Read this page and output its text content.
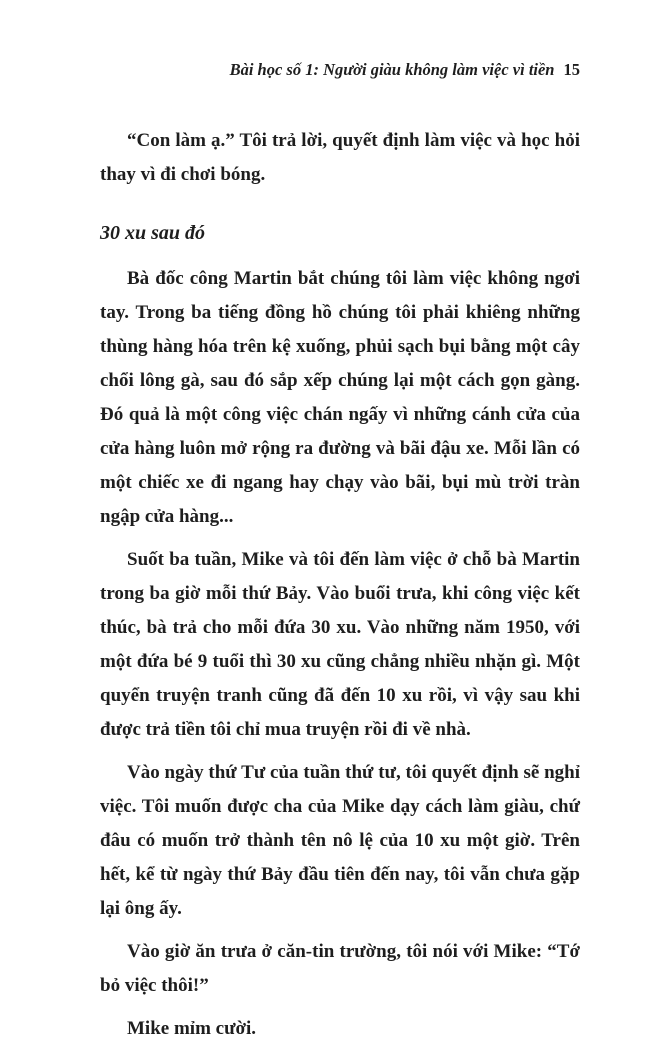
Bài học số 1: Người giàu không làm việc vì tiền 15

“Con làm ạ.” Tôi trả lời, quyết định làm việc và học hỏi thay vì đi chơi bóng.

30 xu sau đó

Bà đốc công Martin bắt chúng tôi làm việc không ngơi tay. Trong ba tiếng đồng hồ chúng tôi phải khiêng những thùng hàng hóa trên kệ xuống, phủi sạch bụi bằng một cây chổi lông gà, sau đó sắp xếp chúng lại một cách gọn gàng. Đó quả là một công việc chán ngấy vì những cánh cửa của cửa hàng luôn mở rộng ra đường và bãi đậu xe. Mỗi lần có một chiếc xe đi ngang hay chạy vào bãi, bụi mù trời tràn ngập cửa hàng...

Suốt ba tuần, Mike và tôi đến làm việc ở chỗ bà Martin trong ba giờ mỗi thứ Bảy. Vào buổi trưa, khi công việc kết thúc, bà trả cho mỗi đứa 30 xu. Vào những năm 1950, với một đứa bé 9 tuổi thì 30 xu cũng chẳng nhiều nhặn gì. Một quyển truyện tranh cũng đã đến 10 xu rồi, vì vậy sau khi được trả tiền tôi chỉ mua truyện rồi đi về nhà.

Vào ngày thứ Tư của tuần thứ tư, tôi quyết định sẽ nghỉ việc. Tôi muốn được cha của Mike dạy cách làm giàu, chứ đâu có muốn trở thành tên nô lệ của 10 xu một giờ. Trên hết, kể từ ngày thứ Bảy đầu tiên đến nay, tôi vẫn chưa gặp lại ông ấy.

Vào giờ ăn trưa ở căn-tin trường, tôi nói với Mike: “Tớ bỏ việc thôi!”

Mike mỉm cười.
